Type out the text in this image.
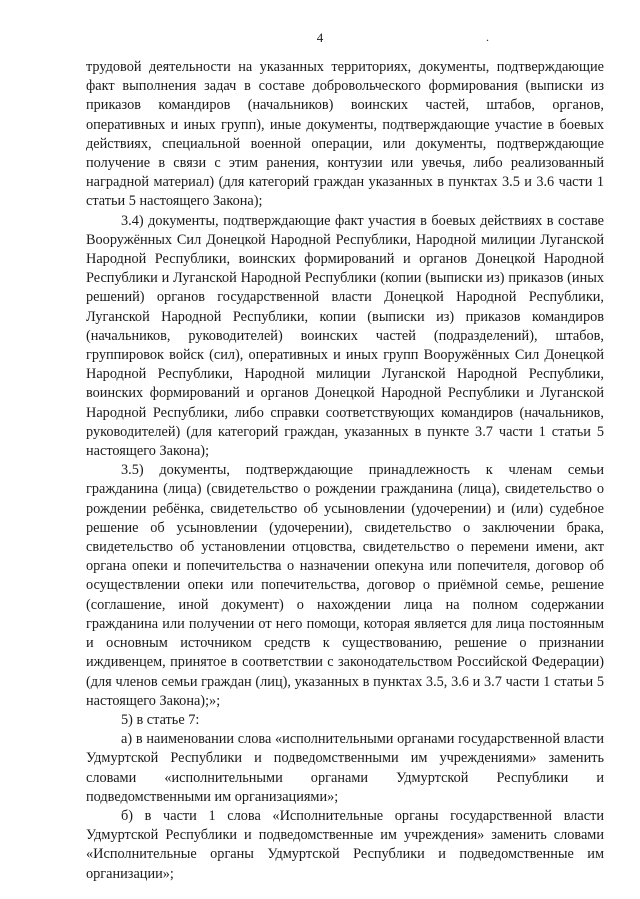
4	.

трудовой деятельности на указанных территориях, документы, подтверждающие факт выполнения задач в составе добровольческого формирования (выписки из приказов командиров (начальников) воинских частей, штабов, органов, оперативных и иных групп), иные документы, подтверждающие участие в боевых действиях, специальной военной операции, или документы, подтверждающие получение в связи с этим ранения, контузии или увечья, либо реализованный наградной материал) (для категорий граждан указанных в пунктах 3.5 и 3.6 части 1 статьи 5 настоящего Закона);

3.4) документы, подтверждающие факт участия в боевых действиях в составе Вооружённых Сил Донецкой Народной Республики, Народной милиции Луганской Народной Республики, воинских формирований и органов Донецкой Народной Республики и Луганской Народной Республики (копии (выписки из) приказов (иных решений) органов государственной власти Донецкой Народной Республики, Луганской Народной Республики, копии (выписки из) приказов командиров (начальников, руководителей) воинских частей (подразделений), штабов, группировок войск (сил), оперативных и иных групп Вооружённых Сил Донецкой Народной Республики, Народной милиции Луганской Народной Республики, воинских формирований и органов Донецкой Народной Республики и Луганской Народной Республики, либо справки соответствующих командиров (начальников, руководителей) (для категорий граждан, указанных в пункте 3.7 части 1 статьи 5 настоящего Закона);

3.5) документы, подтверждающие принадлежность к членам семьи гражданина (лица) (свидетельство о рождении гражданина (лица), свидетельство о рождении ребёнка, свидетельство об усыновлении (удочерении) и (или) судебное решение об усыновлении (удочерении), свидетельство о заключении брака, свидетельство об установлении отцовства, свидетельство о перемени имени, акт органа опеки и попечительства о назначении опекуна или попечителя, договор об осуществлении опеки или попечительства, договор о приёмной семье, решение (соглашение, иной документ) о нахождении лица на полном содержании гражданина или получении от него помощи, которая является для лица постоянным и основным источником средств к существованию, решение о признании иждивенцем, принятое в соответствии с законодательством Российской Федерации) (для членов семьи граждан (лиц), указанных в пунктах 3.5, 3.6 и 3.7 части 1 статьи 5 настоящего Закона);»;

5) в статье 7:

а) в наименовании слова «исполнительными органами государственной власти Удмуртской Республики и подведомственными им учреждениями» заменить словами «исполнительными органами Удмуртской Республики и подведомственными им организациями»;

б) в части 1 слова «Исполнительные органы государственной власти Удмуртской Республики и подведомственные им учреждения» заменить словами «Исполнительные органы Удмуртской Республики и подведомственные им организации»;
